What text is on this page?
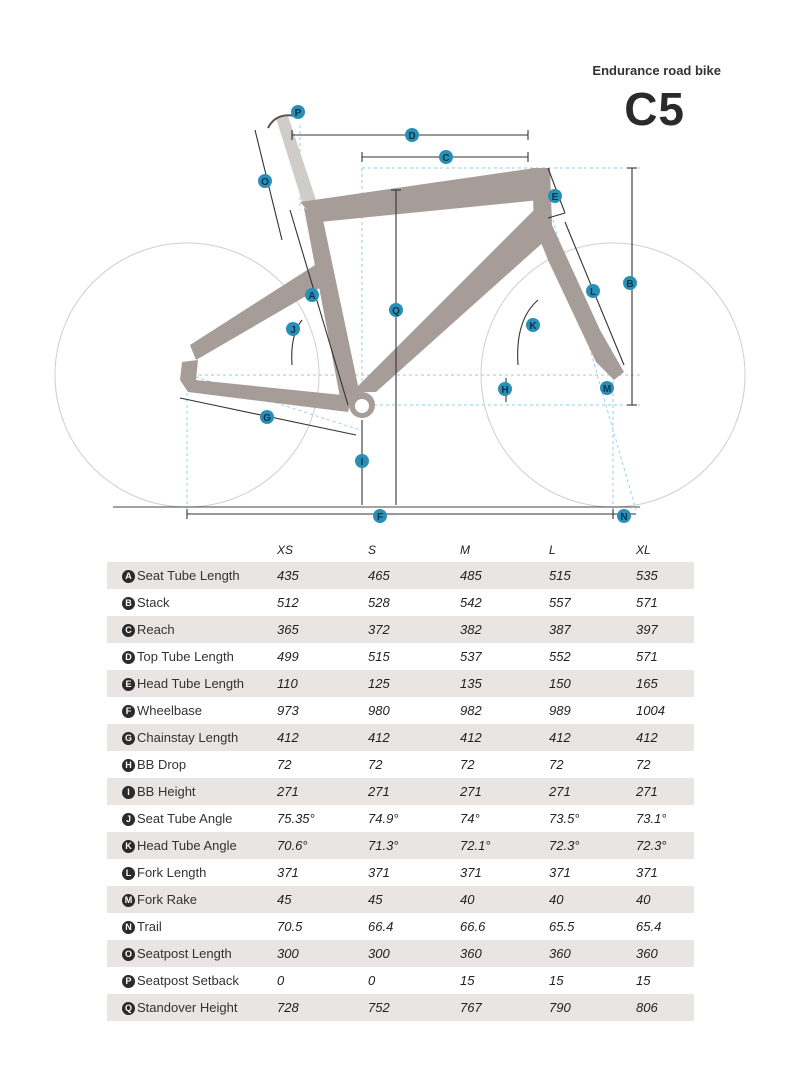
Endurance road bike
C5
P
D
C
O
E
B
A	L
Q
J	K
H	M
G
I
F	N
	XS	S	M	L	XL
A Seat Tube Length	435	465	485	515	535
B Stack	512	528	542	557	571
C Reach	365	372	382	387	397
D Top Tube Length	499	515	537	552	571
E Head Tube Length	110	125	135	150	165
F Wheelbase	973	980	982	989	1004
G Chainstay Length	412	412	412	412	412
H BB Drop	72	72	72	72	72
I BB Height	271	271	271	271	271
J Seat Tube Angle	75.35°	74.9°	74°	73.5°	73.1°
K Head Tube Angle	70.6°	71.3°	72.1°	72.3°	72.3°
L Fork Length	371	371	371	371	371
M Fork Rake	45	45	40	40	40
N Trail	70.5	66.4	66.6	65.5	65.4
O Seatpost Length	300	300	360	360	360
P Seatpost Setback	0	0	15	15	15
Q Standover Height	728	752	767	790	806
